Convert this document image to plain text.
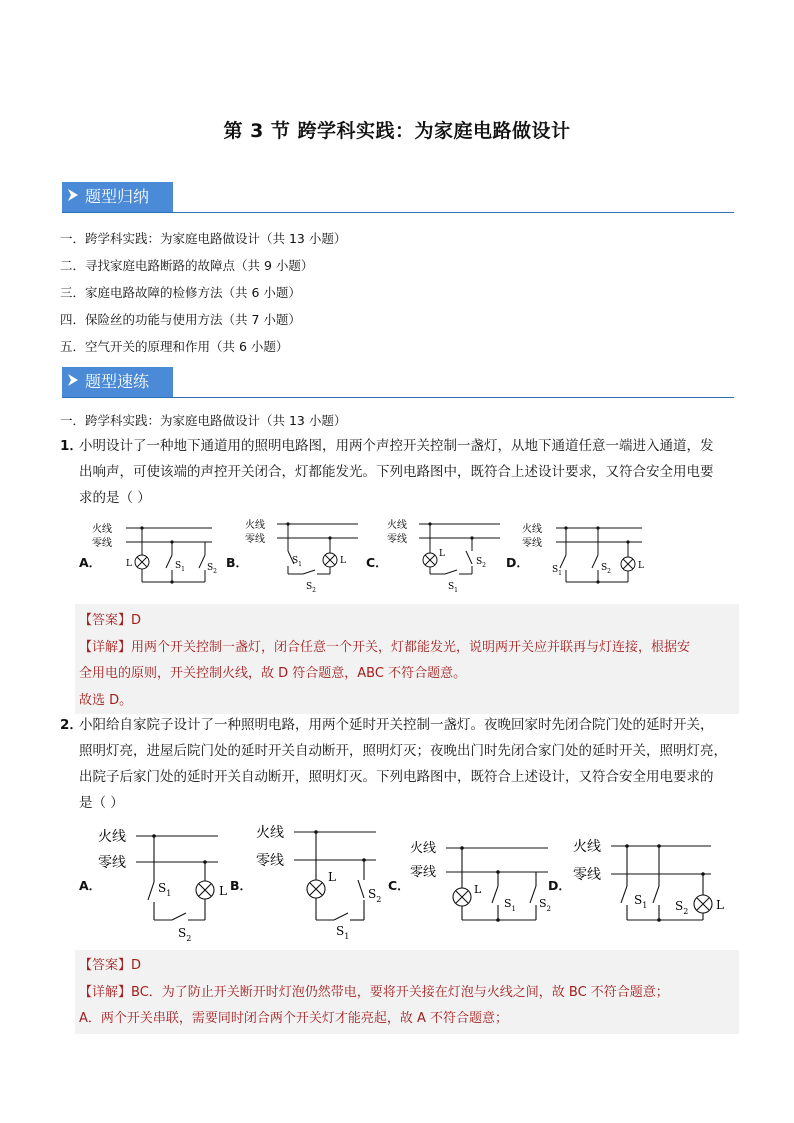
第 3 节 跨学科实践：为家庭电路做设计
题型归纳
一．跨学科实践：为家庭电路做设计（共 13 小题）
二．寻找家庭电路断路的故障点（共 9 小题）
三．家庭电路故障的检修方法（共 6 小题）
四．保险丝的功能与使用方法（共 7 小题）
五．空气开关的原理和作用（共 6 小题）
题型速练
一．跨学科实践：为家庭电路做设计（共 13 小题）
1．
小明设计了一种地下通道用的照明电路图，用两个声控开关控制一盏灯，从地下通道任意一端进入通道，发
出响声，可使该端的声控开关闭合，灯都能发光。下列电路图中，既符合上述设计要求，又符合安全用电要
求的是（ ）
A．	B．	C．	D．
火线
零线
L	$S_1$ $S_2$
火线
零线
L
$S_1$
$S_2$
火线
零线
L
$S_2$
$S_1$
火线
零线
L
$S_1$
$S_2$
【答案】D
【详解】用两个开关控制一盏灯，闭合任意一个开关，灯都能发光，说明两开关应并联再与灯连接，根据安
全用电的原则，开关控制火线，故 D 符合题意，ABC 不符合题意。
故选 D。
2．
小阳给自家院子设计了一种照明电路，用两个延时开关控制一盏灯。夜晚回家时先闭合院门处的延时开关，
照明灯亮，进屋后院门处的延时开关自动断开，照明灯灭；夜晚出门时先闭合家门处的延时开关，照明灯亮，
出院子后家门处的延时开关自动断开，照明灯灭。下列电路图中，既符合上述设计，又符合安全用电要求的
是（ ）
A．	B．	C．	D．
火线
零线
L
$S_1$
$S_2$
火线
零线
L
$S_2$
$S_1$
火线
零线
L
$S_1$ $S_2$
火线
零线
L
$S_1$ $S_2$
【答案】D
【详解】BC．为了防止开关断开时灯泡仍然带电，要将开关接在灯泡与火线之间，故 BC 不符合题意；
A．两个开关串联，需要同时闭合两个开关灯才能亮起，故 A 不符合题意；
